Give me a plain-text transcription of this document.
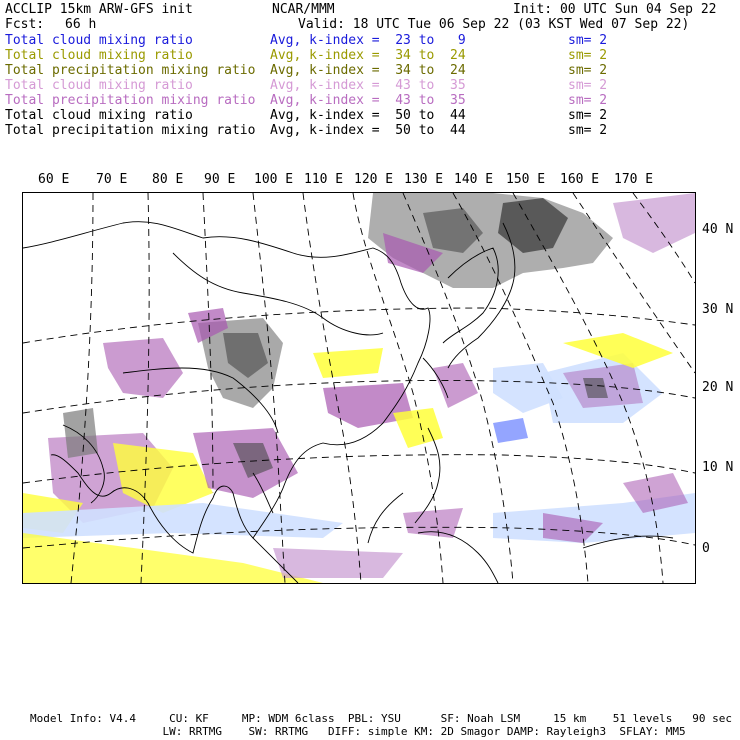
ACCLIP 15km ARW-GFS init	NCAR/MMM	Init: 00 UTC Sun 04 Sep 22
Fcst: 66 h	Valid: 18 UTC Tue 06 Sep 22 (03 KST Wed 07 Sep 22)
Total cloud mixing ratio	Avg, k-index =  23 to   9	sm= 2
Total cloud mixing ratio	Avg, k-index =  34 to  24	sm= 2
Total precipitation mixing ratio Avg, k-index =  34 to  24	sm= 2
Total cloud mixing ratio	Avg, k-index =  43 to  35	sm= 2
Total precipitation mixing ratio Avg, k-index =  43 to  35	sm= 2
Total cloud mixing ratio	Avg, k-index =  50 to  44	sm= 2
Total precipitation mixing ratio Avg, k-index =  50 to  44	sm= 2
60 E 70 E 80 E 90 E 100 E 110 E 120 E 130 E 140 E 150 E 160 E 170 E
40 N
30 N
20 N
10 N
0
Model Info: V4.4     CU: KF     MP: WDM 6class  PBL: YSU      SF: Noah LSM     15 km    51 levels   90 sec
LW: RRTMG    SW: RRTMG   DIFF: simple KM: 2D Smagor DAMP: Rayleigh3  SFLAY: MM5
